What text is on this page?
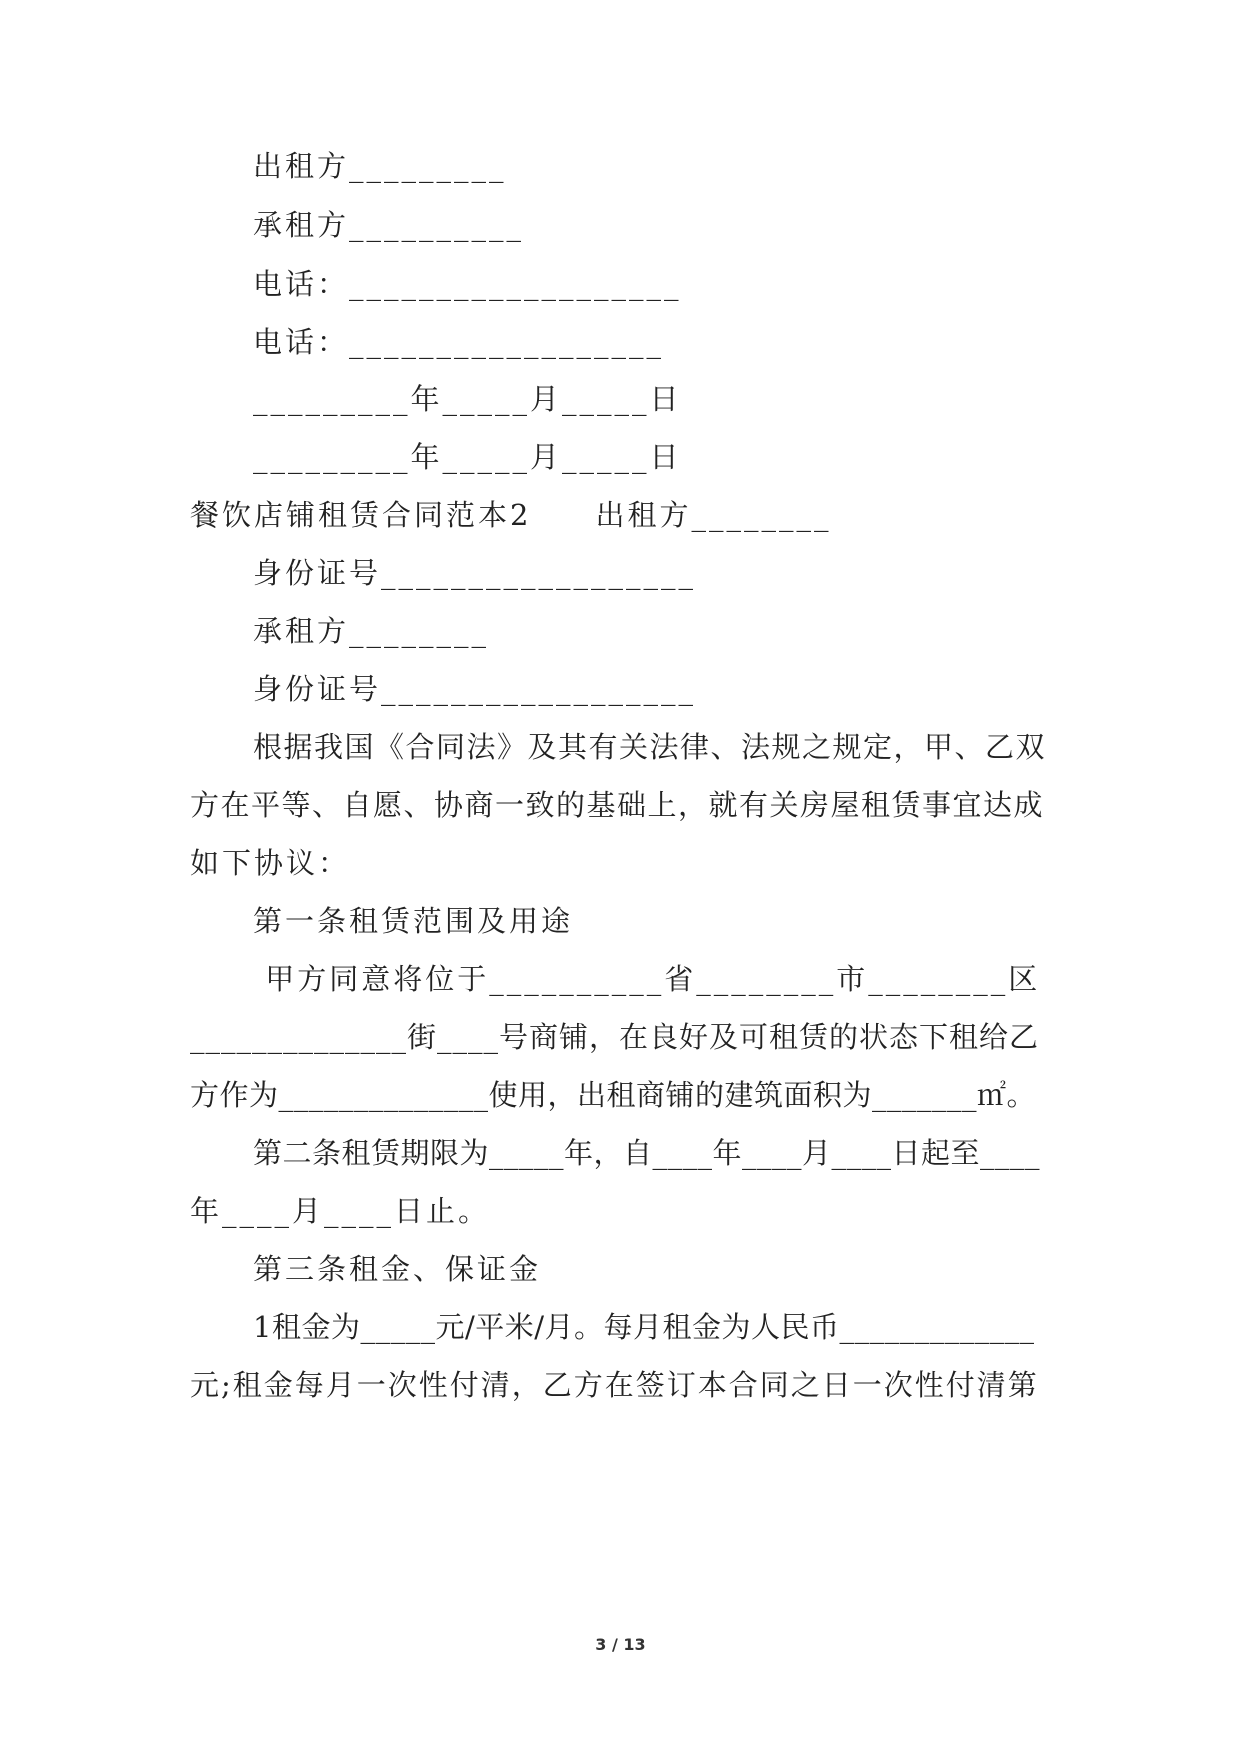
出租方_________
承租方__________
电话：___________________
电话：__________________
_________年_____月_____日
_________年_____月_____日
餐饮店铺租赁合同范本2　　出租方________
身份证号__________________
承租方________
身份证号__________________
根据我国《合同法》及其有关法律、法规之规定，甲、乙双
方在平等、自愿、协商一致的基础上，就有关房屋租赁事宜达成
如下协议：
第一条租赁范围及用途
甲方同意将位于__________省________市________区
______________街____号商铺，在良好及可租赁的状态下租给乙
方作为______________使用，出租商铺的建筑面积为_______㎡。
第二条租赁期限为_____年，自____年____月____日起至____
年____月____日止。
第三条租金、保证金
1租金为_____元/平米/月。每月租金为人民币_____________
元;租金每月一次性付清，乙方在签订本合同之日一次性付清第
3 / 13
